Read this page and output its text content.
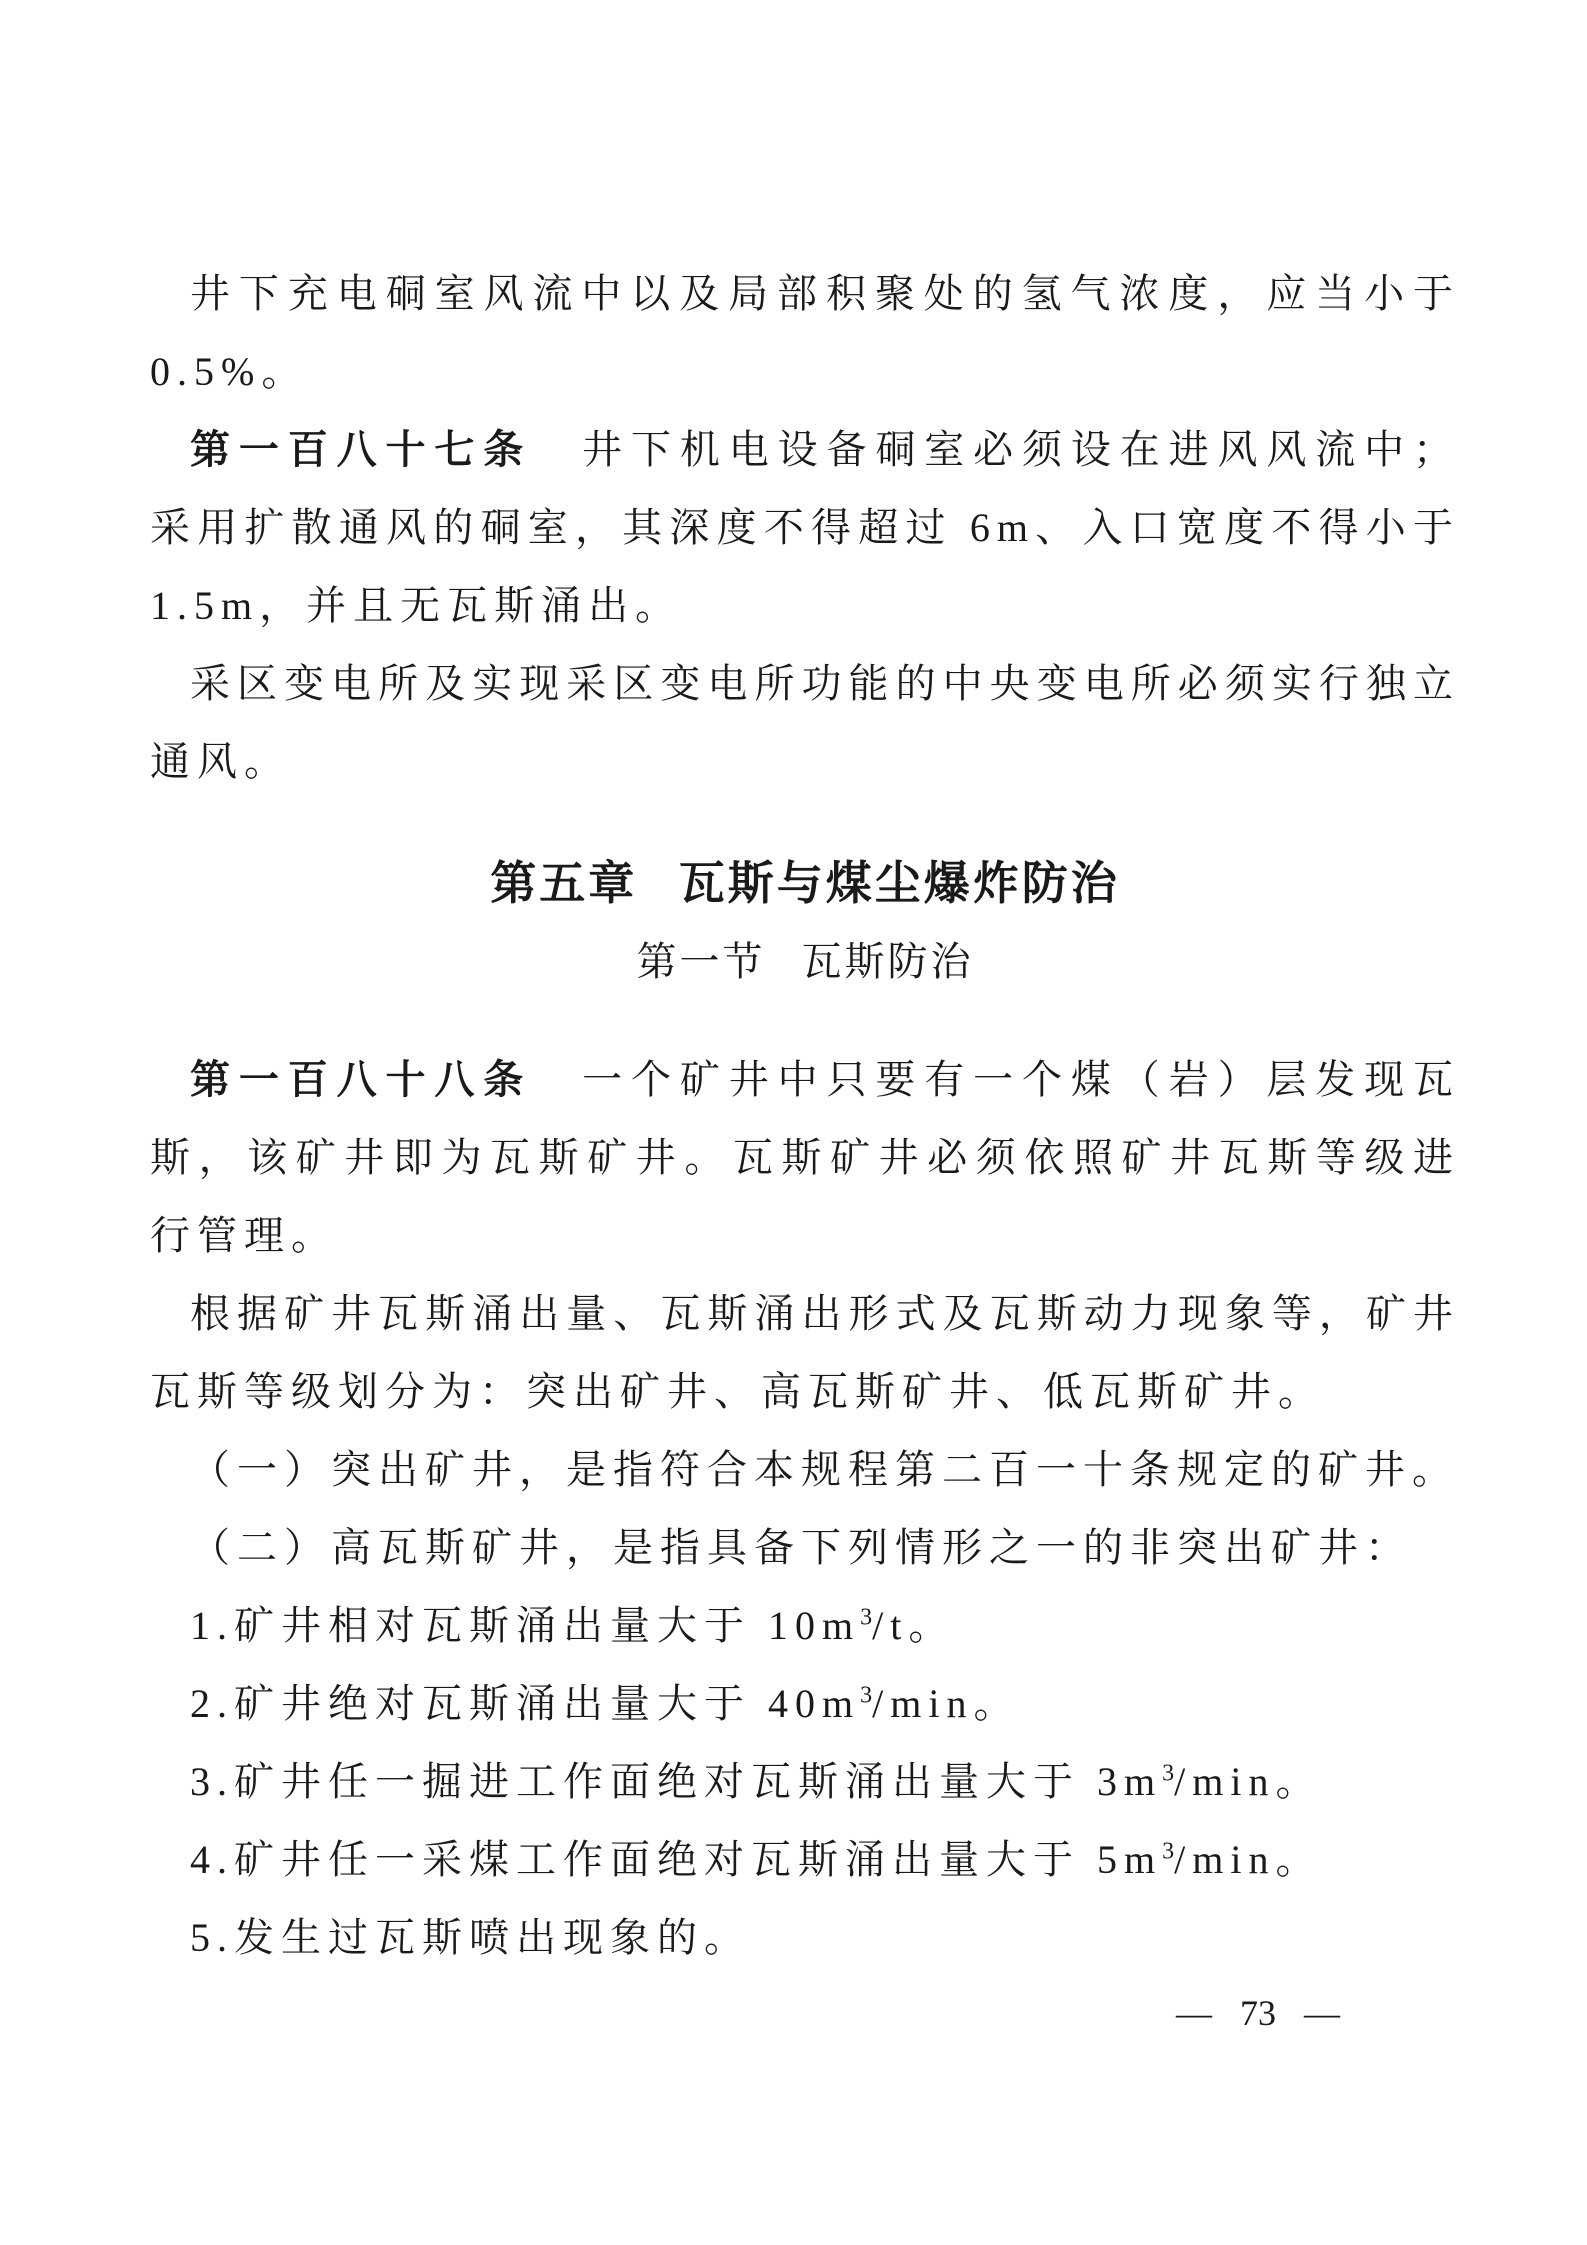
井下充电硐室风流中以及局部积聚处的氢气浓度，应当小于0.5%。

第一百八十七条 井下机电设备硐室必须设在进风风流中；采用扩散通风的硐室，其深度不得超过 6m、入口宽度不得小于1.5m，并且无瓦斯涌出。

采区变电所及实现采区变电所功能的中央变电所必须实行独立通风。

第五章 瓦斯与煤尘爆炸防治
第一节 瓦斯防治

第一百八十八条 一个矿井中只要有一个煤（岩）层发现瓦斯，该矿井即为瓦斯矿井。瓦斯矿井必须依照矿井瓦斯等级进行管理。

根据矿井瓦斯涌出量、瓦斯涌出形式及瓦斯动力现象等，矿井瓦斯等级划分为：突出矿井、高瓦斯矿井、低瓦斯矿井。

（一）突出矿井，是指符合本规程第二百一十条规定的矿井。

（二）高瓦斯矿井，是指具备下列情形之一的非突出矿井：

1.矿井相对瓦斯涌出量大于 $10m^3/t$。

2.矿井绝对瓦斯涌出量大于 $40m^3/\min$。

3.矿井任一掘进工作面绝对瓦斯涌出量大于 $3m^3/\min$。

4.矿井任一采煤工作面绝对瓦斯涌出量大于 $5m^3/\min$。

5.发生过瓦斯喷出现象的。

— 73 —
